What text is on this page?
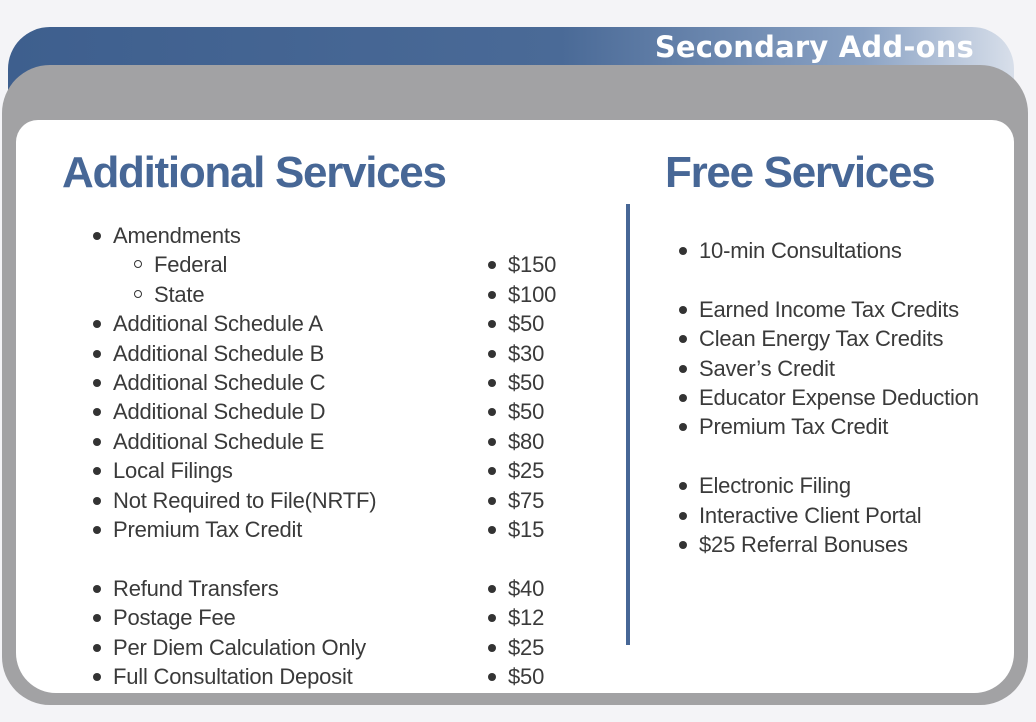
Secondary Add-ons
Additional Services	Free Services
Amendments
Federal
State
Additional Schedule A
Additional Schedule B
Additional Schedule C
Additional Schedule D
Additional Schedule E
Local Filings
Not Required to File(NRTF)
Premium Tax Credit
Refund Transfers
Postage Fee
Per Diem Calculation Only
Full Consultation Deposit
$150
$100
$50
$30
$50
$50
$80
$25
$75
$15
$40
$12
$25
$50
10-min Consultations
Earned Income Tax Credits
Clean Energy Tax Credits
Saver’s Credit
Educator Expense Deduction
Premium Tax Credit
Electronic Filing
Interactive Client Portal
$25 Referral Bonuses
